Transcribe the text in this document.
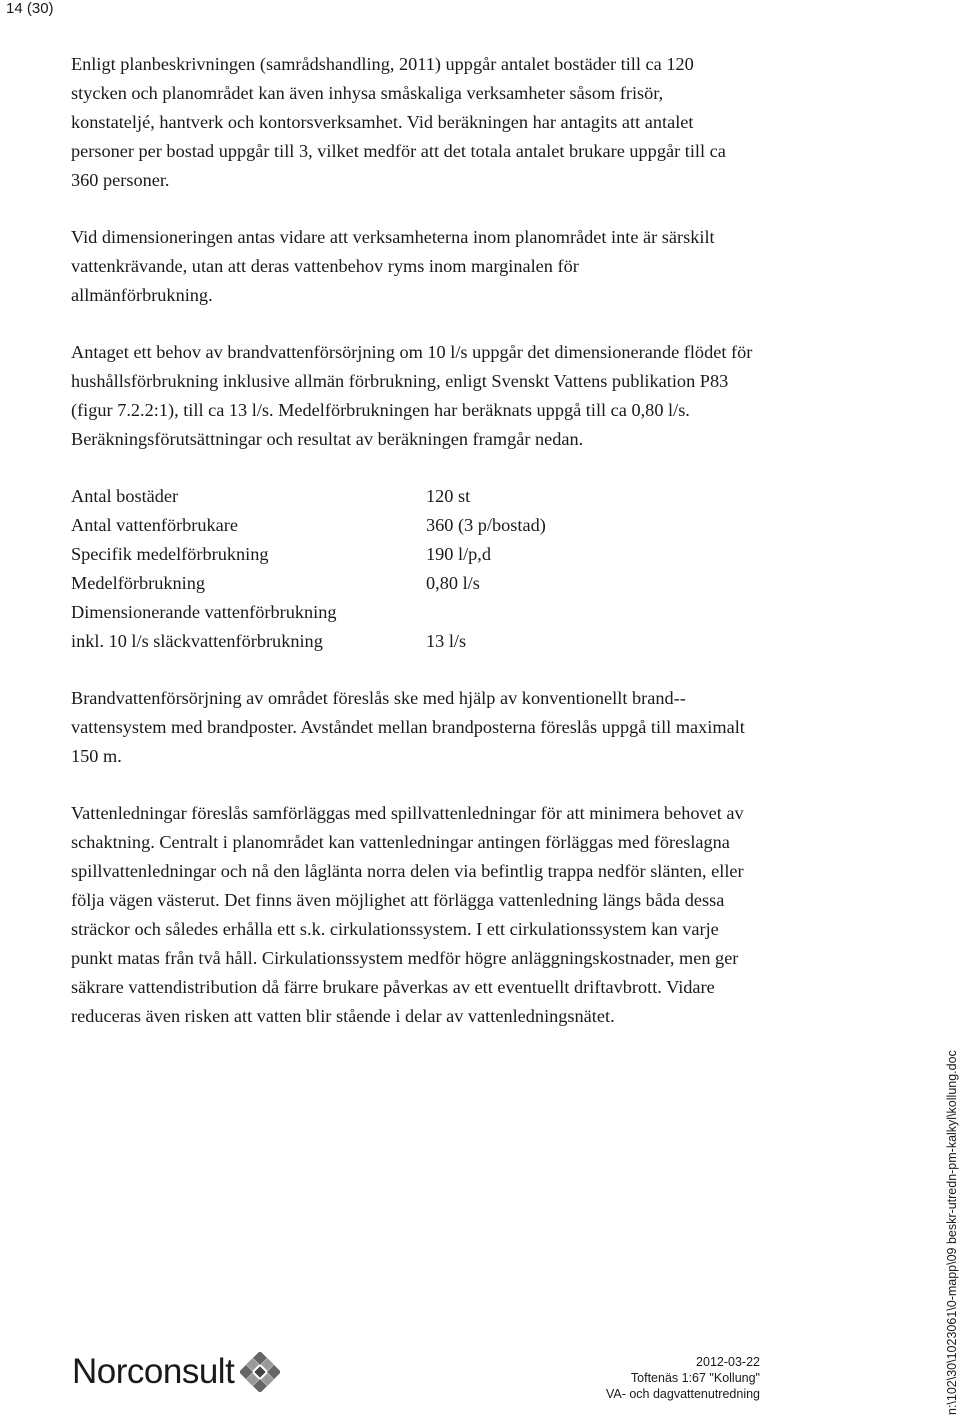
14 (30)

Enligt planbeskrivningen (samrådshandling, 2011) uppgår antalet bostäder till ca 120 stycken och planområdet kan även inhysa småskaliga verksamheter såsom frisör, konstateljé, hantverk och kontorsverksamhet. Vid beräkningen har antagits att antalet personer per bostad uppgår till 3, vilket medför att det totala antalet brukare uppgår till ca 360 personer.

Vid dimensioneringen antas vidare att verksamheterna inom planområdet inte är särskilt vattenkrävande, utan att deras vattenbehov ryms inom marginalen för allmänförbrukning.

Antaget ett behov av brandvattenförsörjning om 10 l/s uppgår det dimensionerande flödet för hushållsförbrukning inklusive allmän förbrukning, enligt Svenskt Vattens publikation P83 (figur 7.2.2:1), till ca 13 l/s. Medelförbrukningen har beräknats uppgå till ca 0,80 l/s. Beräkningsförutsättningar och resultat av beräkningen framgår nedan.

Antal bostäder	120 st
Antal vattenförbrukare	360 (3 p/bostad)
Specifik medelförbrukning	190 l/p,d
Medelförbrukning	0,80 l/s
Dimensionerande vattenförbrukning	
inkl. 10 l/s släckvattenförbrukning	13 l/s

Brandvattenförsörjning av området föreslås ske med hjälp av konventionellt brand-vattensystem med brandposter. Avståndet mellan brandposterna föreslås uppgå till maximalt 150 m.

Vattenledningar föreslås samförläggas med spillvattenledningar för att minimera behovet av schaktning. Centralt i planområdet kan vattenledningar antingen förläggas med föreslagna spillvattenledningar och nå den låglänta norra delen via befintlig trappa nedför slänten, eller följa vägen västerut. Det finns även möjlighet att förlägga vattenledning längs båda dessa sträckor och således erhålla ett s.k. cirkulationssystem. I ett cirkulationssystem kan varje punkt matas från två håll. Cirkulationssystem medför högre anläggningskostnader, men ger säkrare vattendistribution då färre brukare påverkas av ett eventuellt driftavbrott. Vidare reduceras även risken att vatten blir stående i delar av vattenledningsnätet.

Norconsult	2012-03-22
Toftenäs 1:67 "Kollung"
VA- och dagvattenutredning	n:\102\30\1023061\0-mapp\09 beskr-utredn-pm-kalkyl\kollung.doc
